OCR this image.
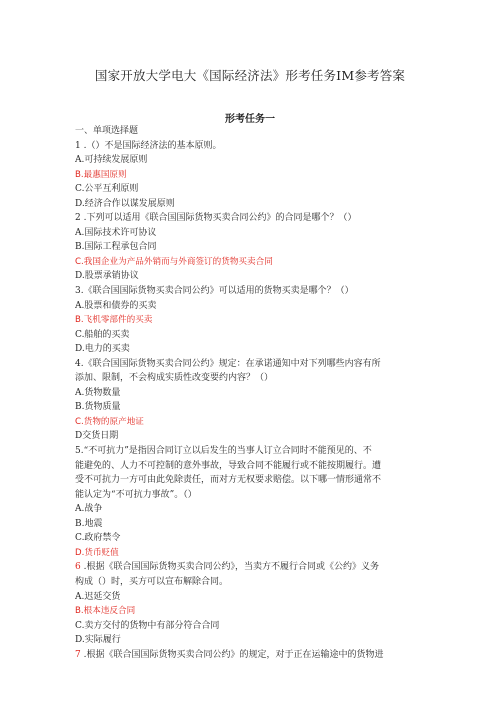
国家开放大学电大《国际经济法》形考任务IM参考答案
形考任务一
一、单项选择题
1 .（）不是国际经济法的基本原则。
A.可持续发展原则
B.最惠国原则
C.公平互利原则
D.经济合作以谋发展原则
2 .下列可以适用《联合国国际货物买卖合同公约》的合同是哪个？（）
A.国际技术许可协议
B.国际工程承包合同
C.我国企业为产品外销而与外商签订的货物买卖合同
D.股票承销协议
3.《联合国国际货物买卖合同公约》可以适用的货物买卖是哪个？（）
A.股票和债券的买卖
B.飞机零部件的买卖
C.船舶的买卖
D.电力的买卖
4.《联合国国际货物买卖合同公约》规定：在承诺通知中对下列哪些内容有所
添加、限制，不会构成实质性改变要约内容？（）
A.货物数量
B.货物质量
C.货物的原产地证
D交货日期
5.“不可抗力”是指因合同订立以后发生的当事人订立合同时不能预见的、不
能避免的、人力不可控制的意外事故，导致合同不能履行或不能按期履行。遭
受不可抗力一方可由此免除责任，而对方无权要求赔偿。以下哪一情形通常不
能认定为“不可抗力事故”。（）
A.战争
B.地震
C.政府禁令
D.货币贬值
6 .根据《联合国国际货物买卖合同公约》，当卖方不履行合同或《公约》义务
构成（）时，买方可以宣布解除合同。
A.迟延交货
B.根本违反合同
C.卖方交付的货物中有部分符合合同
D.实际履行
7 .根据《联合国国际货物买卖合同公约》的规定，对于正在运输途中的货物进
